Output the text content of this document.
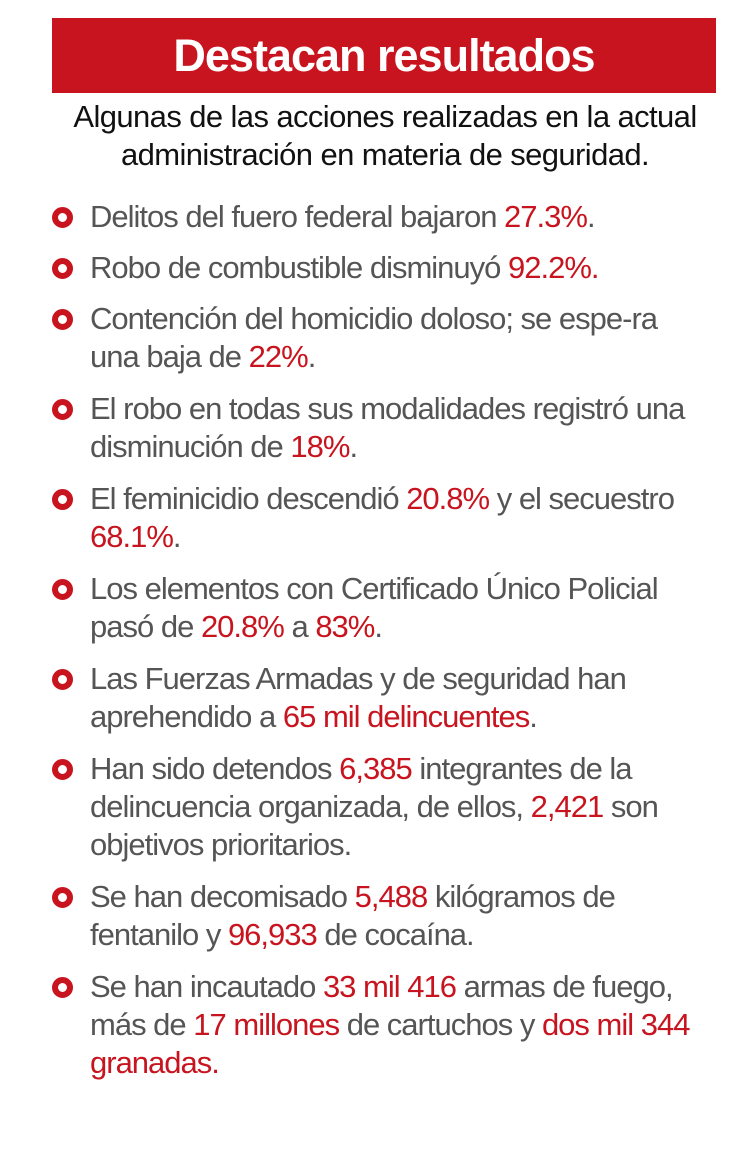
Destacan resultados
Algunas de las acciones realizadas en la actual administración en materia de seguridad.
Delitos del fuero federal bajaron 27.3%.
Robo de combustible disminuyó 92.2%.
Contención del homicidio doloso; se espe-ra una baja de 22%.
El robo en todas sus modalidades registró una disminución de 18%.
El feminicidio descendió 20.8% y el secuestro 68.1%.
Los elementos con Certificado Único Policial pasó de 20.8% a 83%.
Las Fuerzas Armadas y de seguridad han aprehendido a 65 mil delincuentes.
Han sido detendos 6,385 integrantes de la delincuencia organizada, de ellos, 2,421 son objetivos prioritarios.
Se han decomisado 5,488 kilógramos de fentanilo y 96,933 de cocaína.
Se han incautado 33 mil 416 armas de fuego, más de 17 millones de cartuchos y dos mil 344 granadas.
